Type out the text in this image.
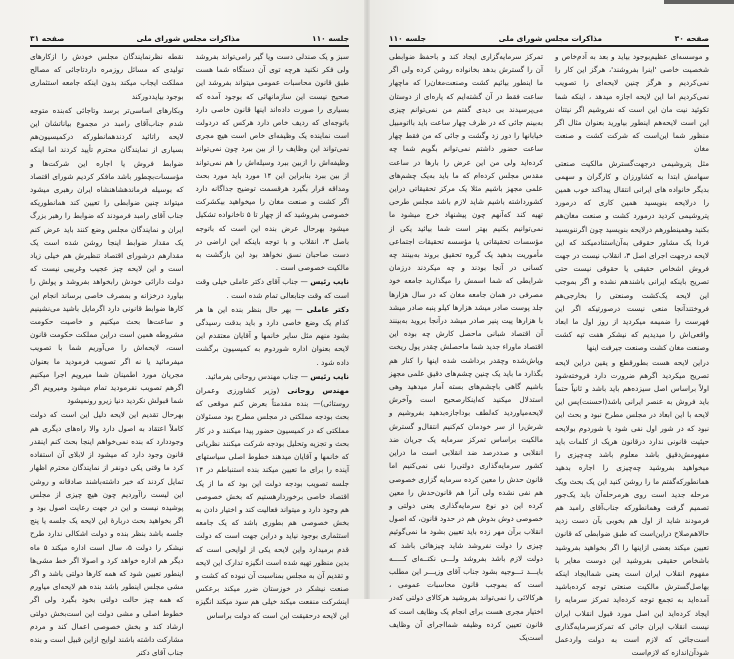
جلسه ۱۱۰
مذاکرات مجلس شورای ملی
صفحه ۳۱

سبز و یک صندلی دست ویا گیر رامی‌تواند بفروشد ولی فکر نکنید هرچه توی آن دستگاه شما هست طبق قانون محاسبات عمومی میتواند بفروشد این صحیح نیست این سازمانهائی که بوجود آمده که بسیاری را صورت داده‌اند اینها قانون خاصی دارد باتوجه‌ای که ردیف خاص دارد هرکس که دردولت است نماینده یک وظیفه‌ای خاص است هیچ مجری نمی‌تواند این وظایف را از بین ببرد چون نمی‌تواند وظیفه‌اش را ازبین ببرد وسیله‌اش را هم نمی‌تواند از بین ببرد بنابراین این ۱۴ مورد باید مورد بحث ومداقه قرار بگیرد هرقسمت توضیح جداگانه دارد اگر کشت و صنعت مغان را میخواهید بیکشرکت خصوصی بفروشید که از چهار تا ۵ تاخانواده تشکیل میشود بهرحال عرض بنده این است که باتوجه باصل ۳، انقلاب و با توجه باینکه این اراضی در دست صاحبان نسق نخواهد بود این بازگشت به مالکیت خصوصی است .

نایب رئیس — جناب آقای دکتر عاملی خیلی وقت است که وقت جنابعالی تمام شده است .

دکتر عاملی — بهر حال بنظر بنده این ها هر کدام یک وضع خاصی دارد و باید بدقت رسیدگی بشود منهم مثل سایر خانمها و آقایان معتقدم این لایحه بعنوان اداره شوردوم به کمیسیون برگشت داده شود .

نایب رئیس — جناب مهندس روحانی بفرمائید.

مهندس روحانی (وزیر کشاورزی وعمران روستائی)— بنده مقدمتاً بعرض کنم موقعی که بحث بودجه مملکتی در مجلس مطرح بود مسئولان مملکتی که در کمیسیون حضور پیدا میکنند و در کار بحث و تجزیه وتحلیل بودجه شرکت میکنند نظریاتی که خانمها و آقایان میدهند خطوط اصلی سیاستهای آینده را برای ما تعیین میکند بنده استنباطم در ۱۴ جلسه تصویب بودجه دولت این بود که ما از یک اقتصاد خاصی برخوردارهستیم که بخش خصوصی هم وجود دارد و میتواند فعالیت کند و اختیار دادن به بخش خصوصی هم بطوری باشد که یک جامعه استثماری بوجود نیاید و دراین جهت است که دولت قدم برمیدارد واین لایحه یکی از لوایحی است که بدین منظور تهیه شده است انگیزه تدارک این لایحه و تقدیم آن به مجلس بمناسبت آن نبوده که کشت و صنعت نیشکر در خوزستان ضرر میکند برعکس اینشرکت منفعت میکند خیلی هم سود میکند انگیزه این لایحه درحقیقت این است که دولت براساس

نقطه نظرنمایندگان مجلس خودش را ازکارهای تولیدی که مسائل روزمره داردتاجائی که مصالح مملکت ایجاب میکند بدون اینکه جامعه استثماری بوجود بیایددورکند

وبکارهای اساسی‌تر برسد وتاجائی که‌بنده متوجه شدم جناب‌آقای رامبد در مجموع بیاناتشان این لایحه راتائید کردندهمانطورکه درکمیسیون‌هم بسیاری از نمایندگان محترم تأیید کردند اما اینکه ضوابط فروش یا اجاره این شرکت‌ها و مؤسسات‌بچطور باشد مافکر کردیم شورای اقتصاد که بوسیله فرماندهشاهنشاه ایران رهبری میشود میتواند چنین ضوابطی را تعیین کند همانطوریکه جناب آقای رامبد فرمودند که ضوابط را رهبر بزرگ ایران و نمایندگان مجلس وضع کنند باید عرض کنم یک مقدار ضوابط اینجا روشن شده است یک مقدارهم درشورای اقتصاد تنظیرش هم خیلی زیاد است و این لایحه چیز عجیب وغریبی نیست که دولت دارائی خودش رابخواهد بفروشد و پولش را بیاورد درخزانه و بمصرف خاصی برساند انجام این کارها ضوابط قانونی دارد اگرمایل باشید می‌نشینیم و ساعت‌ها بحث میکنیم و خاصیت حکومت مشروطه همین است دراین مملکت حکومت قانون است، لایحه‌اش را می‌آوریم شما با تصویب میفرمائید یا نه اگر تصویب فرمودید ما بعنوان مجریان مورد اطمینان شما میرویم اجرا میکنیم اگرهم تصویب نفرمودید تمام میشود ومیرویم اگر شما قبولش نکردید دنیا زیرو رونمیشود

بهرحال تقدیم این لایحه دلیل این است که دولت کاملاً اعتقاد به اصول دارد والا راه‌های دیگری هم وجوددارد که بنده نمی‌خواهم اینجا بحث کنم اینقدر قانون وجود دارد که میشود از لابلای آن استفاده کرد ما وقتی یکی دونفر از نمایندگان محترم اظهار تمایل کردند که خبر داشته‌باشند صادقانه و روشن این لیست راآوردیم چون هیچ چیزی از مجلس پوشیده نیست و این در جهت رعایت اصول بود و اگر بخواهید بحث دربارهٔ این لایحه یک جلسه یا پنج جلسه باشد بنظر بنده و دولت اشکالی ندارد طرح نیشکر را دولت ۵، سال است اداره میکند ۵ ماه دیگر هم اداره خواهد کرد و اصولا اگر خط مشی‌ها اینطور تعیین شود که همه کارها دولتی باشد و اگر مشی مجلس اینطور باشد بنده هم لایحه‌ای میاورم که همه چیز حالت دولتی بخود بگیرد ولی اگر خطوط اصلی و مشی دولت این است‌بخش دولتی ارشاد کند و بخش خصوصی اعمال کند و مردم مشارکت داشته باشند لوایح ازاین قبیل است و بنده جناب آقای دکتر

صفحه ۳۰
مذاکرات مجلس شورای ملی
جلسه ۱۱۰

و موسسه‌ای عظیم‌بوجود بیاید و بعد به آدم‌خاص و شخصیت خاصی 'اینرا بفروشند'، هرگز این کار را نمی‌کردیم و هرگز چنین لایحه‌ای را تصویب نمی‌کردیم اما این لایحه اجازه میدهد ، اینکه شما تکوئید نیت مان این است که نفروشیم اگر نیتتان این است لایحه‌هم اینطور بیاورید بعنوان مثال اگر منظور شما این‌است که شرکت کشت و صنعت مغان

مثل پتروشیمی درجهت‌گسترش مالکیت صنعتی سهامش ابتدا به کشاورزان و کارگران و سهمی بدیگر خانواده های ایرانی انتقال پیداکند خوب همین را درلایحه بنویسید همین کاری که درمورد پتروشیمی کردید درمورد کشت و صنعت مغان‌هم بکنید وهمینطورهم درلایحه بنویسید چون اگرننویسید فردا یک مشاور حقوقی به‌آن‌استنادمیکند که این لایحه درجهت اجرای اصل ۳، انقلاب نیست در جهت فروش اشخاص حقیقی یا حقوقی نیست حتی تصریح باینکه ایرانی باشندهم نشده و اگر بموجب این لایحه یک‌کشت وصنعتی را بخارجی‌هم فروختندآنجا منعی نیست درصورتیکه اگر این فهرست را ضمیمه میکردید از روز اول ما ابعاد واقعی‌اش را میدیدیم که نیشکر هفت تپه کشت وصنعت مغان کشت وصنعت جیرفت اینها

دراین لایحه هست بطورقطع و یقین دراین لایحه تصریح میکردید اگرهم ضرورت دارد فروخته‌شود اولاً براساس اصل سیزده‌هم باید باشد و ثانیاً حتماً باید فروش به عنصر ایرانی باشد(احسنت)پس این لایحه با این ابعاد در مجلس مطرح نبود و بحث این نبود که در شور اول نفی شود یا شوردوم‌ بولایحه حیثیت قانونی ندارد درقانون هریک از کلمات باید مفهومش‌دقیق باشد معلوم باشد چه‌چیزی را میخواهید بفروشید چه‌چیزی را اجاره بدهید همانطورکه‌گفتم ما را روشن کنید این یک بحث ویک مرحله جدید است روی هرمرحله‌آن باید یک‌جور تصمیم گرفت وهمانطورکه جناب‌آقای رامبد هم فرمودند شاید از اول هم بخوبی بآن دست زدید حالاهم‌صلاح دراین‌است که طبق ضوابطی که قانون تعیین میکند بعضی ازاینها را اگر بخواهید بفروشید باشخاص حقیقی بفروشید این دوست مغایر با مفهوم انقلاب ایران است یعنی شماایجاد اینکه بهاصل‌گسترش مالکیت صنعتی توجه کرده‌باشید آمده‌اید به تجمع توجه کرده‌اید تمرکز سرمایه را ایجاد کرده‌اید این اصل مورد قبول انقلاب ایران نیست انقلاب ایران جائی که تمرکزسرمایه‌گذاری است‌جائی که لازم است به دولت واردعمل شودآن‌اندازه که لازم‌است

تمرکز سرمایه‌گزاری ایجاد کند و باحفظ ضوابطی آن را گسترش بدهد بخانواده روشن کرده ولی اگر ما اینطور بیائیم کشت وصنعت‌مغان‌را که ماچهار ساعت فقط در آن گشته‌ایم که پاره‌ای از دوستان می‌پرسیدند بی دیدی گفتم من نمی‌توانم چیزی به‌بینم جائی که در ظرف چهار ساعت باید بااتومبیل خیابانها را دور زد وگشت و جائی که من فقط چهار ساعت حضور داشتم نمی‌توانم بگویم شما چه کرده‌اید ولی من این عرض را بارها در ساعت مقدس مجلس کرده‌ام که ما باید به‌یک چشم‌های علمی مجهز باشیم مثلا یک مرکز تحقیقاتی دراین کشورداشته باشیم شاید لازم باشد مجلس طرحی تهیه کند که‌آنهم چون پیشنهاد خرج میشود ما نمی‌توانیم بکنیم بهتر است شما بیائید یکی از مؤسسات تحقیقاتی یا مؤسسه تحقیقات اجتماعی مأموریت بدهید یک گروه تحقیق بروند به‌بینند چه کسانی در آنجا بودند و چه میکردند درزمان شرایطی که شما اسمش را میگذارید جامعه خود مصرفی در همان جامعه مغان که در سال هزارها جلد پوست صادر میشد هزارها کیلو پنبه صادر میشد با هزارها پیت پنیر صادر میشد درآنجا بروید به‌بینند آن اقتصاد شبانی ماحصل کارش چه بوده این اقتصاد ماوراء جدید شما ماحصلش چقدر پول ریخت وپاش‌شده وچقدر برداشت شده اینها را کنار هم بگذارد ما باید یک چنین چشم‌های دقیق علمی مجهز باشیم گاهی باچشم‌های بسته آمار میدهید وهی استدلال میکنید که‌اینکارصحیح است وآخرش لایحه‌میاوردید که‌لطف بوداجازه‌بدهید بفروشیم و شرش‌را از سر خودمان کم‌کنیم انتقال‌و گسترش مالکیت براساس تمرکز سرمایه یک جریان ضد انقلابی و صددرصد ضد انقلابی است ما دراین کشور سرمایه‌گذاری دولتی‌را نفی نمی‌کنیم اما قانون حدش را معین کرده سرمایه گزاری خصوصی هم نفی نشده ولی آنرا هم قانون‌حدش را معین کرده این دو نوع سرمایه‌گذاری یعنی دولتی و خصوصی دوش بدوش هم در حدود قانون، که اصول انقلاب برآن مهر زده باید تعیین بشود ما نمی‌گوئیم چیزی را دولت نفروشد شاید چیزهائی باشد که دولت لازم باشد بفروشد ولـــی نکتــه‌ای کـــــه بایـــد تـــوجیه بشود جناب آقای وزیـــر این مطلب است که بموجب قانون محاسبات عمومی ، هرکالائی را نمی‌تواند بفروشید هرکالای دولتی که‌در اختیار مجری هست برای انجام یک وظایف است که قانون تعیین کرده وظیفه شمااجرای آن وظایف است‌یک
